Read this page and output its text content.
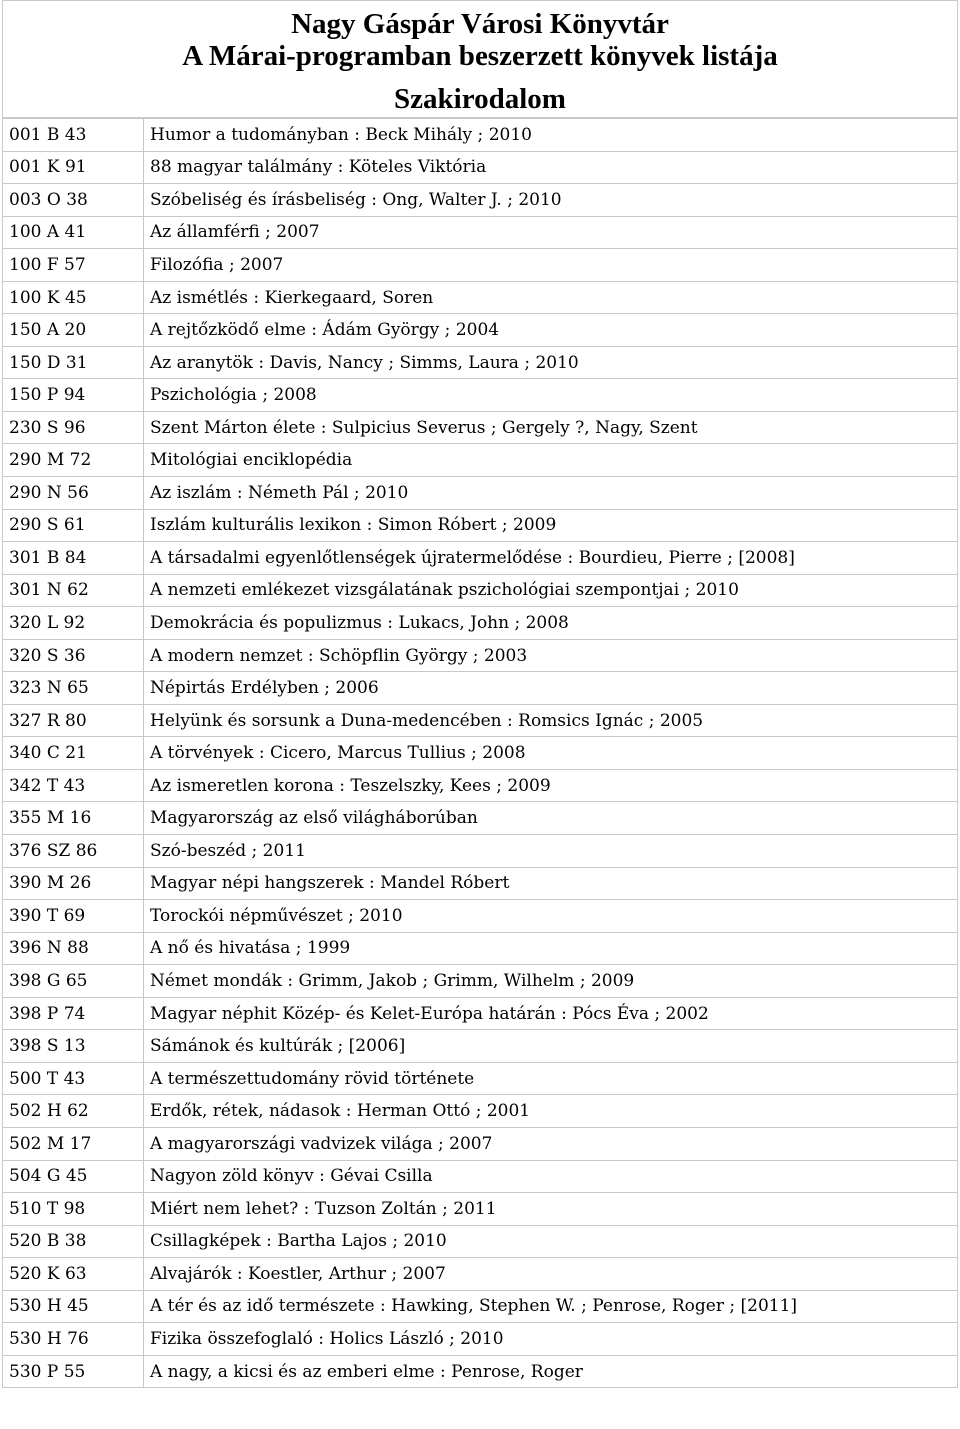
Nagy Gáspár Városi Könyvtár
A Márai-programban beszerzett könyvek listája
Szakirodalom
001 B 43	Humor a tudományban : Beck Mihály ; 2010
001 K 91	88 magyar találmány : Köteles Viktória
003 O 38	Szóbeliség és írásbeliség : Ong, Walter J. ; 2010
100 A 41	Az államférfi ; 2007
100 F 57	Filozófia ; 2007
100 K 45	Az ismétlés : Kierkegaard, Soren
150 A 20	A rejtőzködő elme : Ádám György ; 2004
150 D 31	Az aranytök : Davis, Nancy ; Simms, Laura ; 2010
150 P 94	Pszichológia ; 2008
230 S 96	Szent Márton élete : Sulpicius Severus ; Gergely ?, Nagy, Szent
290 M 72	Mitológiai enciklopédia
290 N 56	Az iszlám : Németh Pál ; 2010
290 S 61	Iszlám kulturális lexikon : Simon Róbert ; 2009
301 B 84	A társadalmi egyenlőtlenségek újratermelődése : Bourdieu, Pierre ; [2008]
301 N 62	A nemzeti emlékezet vizsgálatának pszichológiai szempontjai ; 2010
320 L 92	Demokrácia és populizmus : Lukacs, John ; 2008
320 S 36	A modern nemzet : Schöpflin György ; 2003
323 N 65	Népirtás Erdélyben ; 2006
327 R 80	Helyünk és sorsunk a Duna-medencében : Romsics Ignác ; 2005
340 C 21	A törvények : Cicero, Marcus Tullius ; 2008
342 T 43	Az ismeretlen korona : Teszelszky, Kees ; 2009
355 M 16	Magyarország az első világháborúban
376 SZ 86	Szó-beszéd ; 2011
390 M 26	Magyar népi hangszerek : Mandel Róbert
390 T 69	Torockói népművészet ; 2010
396 N 88	A nő és hivatása ; 1999
398 G 65	Német mondák : Grimm, Jakob ; Grimm, Wilhelm ; 2009
398 P 74	Magyar néphit Közép- és Kelet-Európa határán : Pócs Éva ; 2002
398 S 13	Sámánok és kultúrák ; [2006]
500 T 43	A természettudomány rövid története
502 H 62	Erdők, rétek, nádasok : Herman Ottó ; 2001
502 M 17	A magyarországi vadvizek világa ; 2007
504 G 45	Nagyon zöld könyv : Gévai Csilla
510 T 98	Miért nem lehet? : Tuzson Zoltán ; 2011
520 B 38	Csillagképek : Bartha Lajos ; 2010
520 K 63	Alvajárók : Koestler, Arthur ; 2007
530 H 45	A tér és az idő természete : Hawking, Stephen W. ; Penrose, Roger ; [2011]
530 H 76	Fizika összefoglaló : Holics László ; 2010
530 P 55	A nagy, a kicsi és az emberi elme : Penrose, Roger
